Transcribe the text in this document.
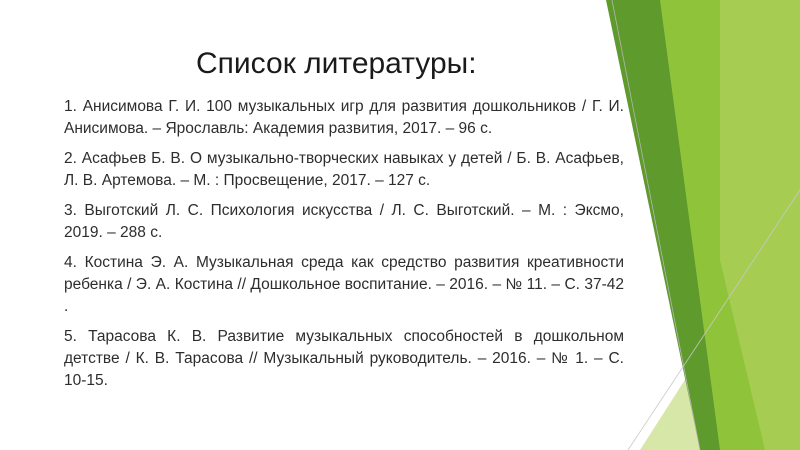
Список литературы:
1. Анисимова Г. И. 100 музыкальных игр для развития дошкольников / Г. И. Анисимова. – Ярославль: Академия развития, 2017. – 96 с.
2. Асафьев Б. В. О музыкально-творческих навыках у детей / Б. В. Асафьев, Л. В. Артемова. – М. : Просвещение, 2017. – 127 с.
3. Выготский Л. С. Психология искусства / Л. С. Выготский. – М. : Эксмо, 2019. – 288 с.
4. Костина Э. А. Музыкальная среда как средство развития креативности ребенка / Э. А. Костина // Дошкольное воспитание. – 2016. – № 11. – С. 37-42 .
5. Тарасова К. В. Развитие музыкальных способностей в дошкольном детстве / К. В. Тарасова // Музыкальный руководитель. – 2016. – № 1. – С. 10-15.
